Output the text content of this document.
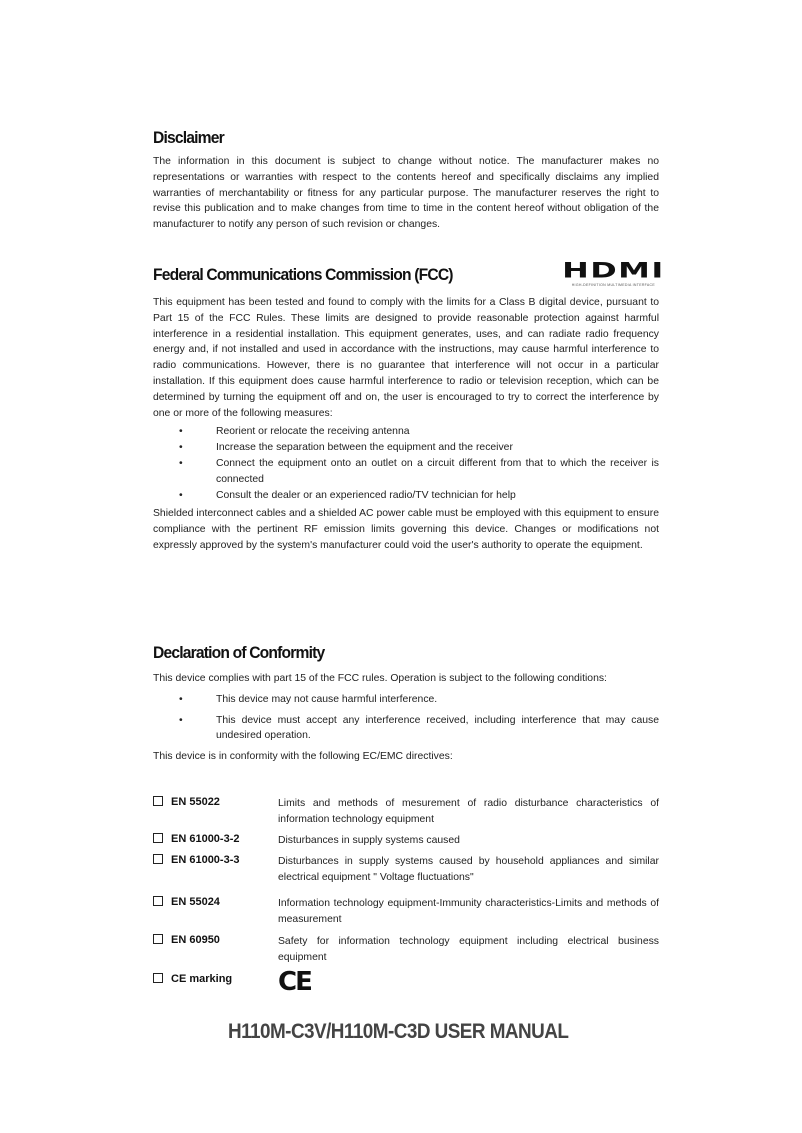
Disclaimer

The information in this document is subject to change without notice. The manufacturer makes no representations or warranties with respect to the contents hereof and specifically disclaims any implied warranties of merchantability or fitness for any particular purpose. The manufacturer reserves the right to revise this publication and to make changes from time to time in the content hereof without obligation of the manufacturer to notify any person of such revision or changes.

Federal Communications Commission (FCC)	HDMI
HIGH-DEFINITION MULTIMEDIA INTERFACE

This equipment has been tested and found to comply with the limits for a Class B digital device, pursuant to Part 15 of the FCC Rules. These limits are designed to provide reasonable protection against harmful interference in a residential installation. This equipment generates, uses, and can radiate radio frequency energy and, if not installed and used in accordance with the instructions, may cause harmful interference to radio communications. However, there is no guarantee that interference will not occur in a particular installation. If this equipment does cause harmful interference to radio or television reception, which can be determined by turning the equipment off and on, the user is encouraged to try to correct the interference by one or more of the following measures:

•	Reorient or relocate the receiving antenna
•	Increase the separation between the equipment and the receiver
•	Connect the equipment onto an outlet on a circuit different from that to which the receiver is connected
•	Consult the dealer or an experienced radio/TV technician for help

Shielded interconnect cables and a shielded AC power cable must be employed with this equipment to ensure compliance with the pertinent RF emission limits governing this device. Changes or modifications not expressly approved by the system's manufacturer could void the user's authority to operate the equipment.

Declaration of Conformity

This device complies with part 15 of the FCC rules. Operation is subject to the following conditions:

•	This device may not cause harmful interference.
•	This device must accept any interference received, including interference that may cause undesired operation.

This device is in conformity with the following EC/EMC directives:

EN 55022	Limits and methods of mesurement of radio disturbance characteristics of information technology equipment
EN 61000-3-2	Disturbances in supply systems caused
EN 61000-3-3	Disturbances in supply systems caused by household appliances and similar electrical equipment " Voltage fluctuations"
EN 55024	Information technology equipment-Immunity characteristics-Limits and methods of measurement
EN 60950	Safety for information technology equipment including electrical business equipment
CE marking CE
H110M-C3V/H110M-C3D USER MANUAL
